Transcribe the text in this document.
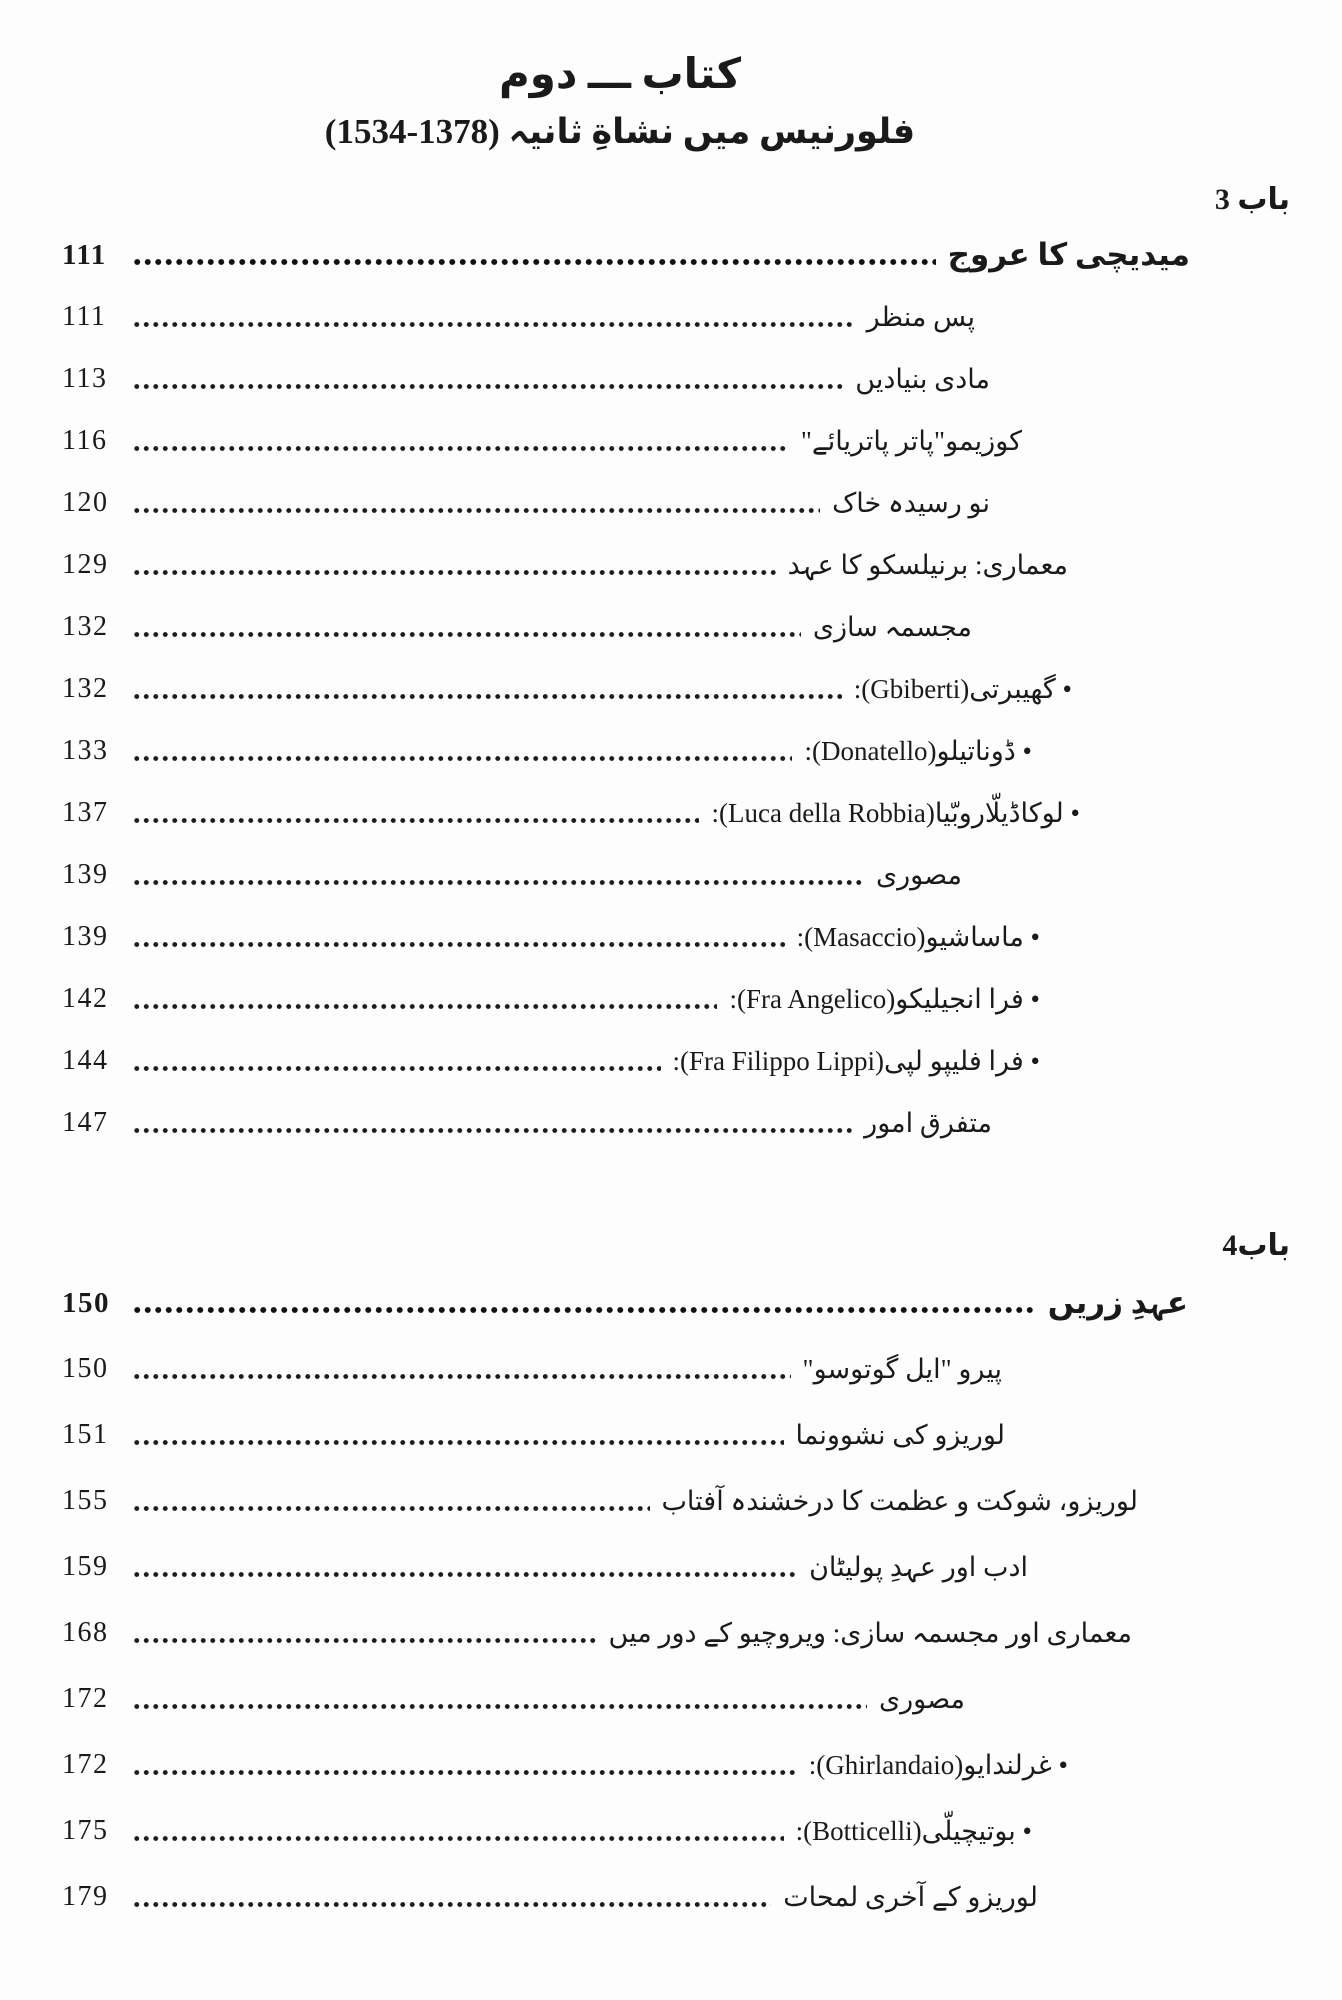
کتاب ـــ دوم
فلورنیس میں نشاةِ ثانیہ (1378-1534)
باب 3
میدیچی کا عروج
111
پس منظر
111
مادی بنیادیں
113
کوزیمو"پاتر پاتریائے"
116
نو رسیدہ خاک
120
معماری: برنیلسکو کا عہد
129
مجسمہ سازی
132
• گھیبرتی(Gbiberti):
132
• ڈوناتیلو(Donatello):
133
• لوکاڈیلّاروبّیا(Luca della Robbia):
137
مصوری
139
• ماساشیو(Masaccio):
139
• فرا انجیلیکو(Fra Angelico):
142
• فرا فلیپو لپی(Fra Filippo Lippi):
144
متفرق امور
147
باب4
عہدِ زریں
150
پیرو "ایل گوتوسو"
150
لوریزو کی نشوونما
151
لوریزو، شوکت و عظمت کا درخشندہ آفتاب
155
ادب اور عہدِ پولیٹان
159
معماری اور مجسمہ سازی: ویروچیو کے دور میں
168
مصوری
172
• غرلندایو(Ghirlandaio):
172
• بوتیچیلّی(Botticelli):
175
لوریزو کے آخری لمحات
179
